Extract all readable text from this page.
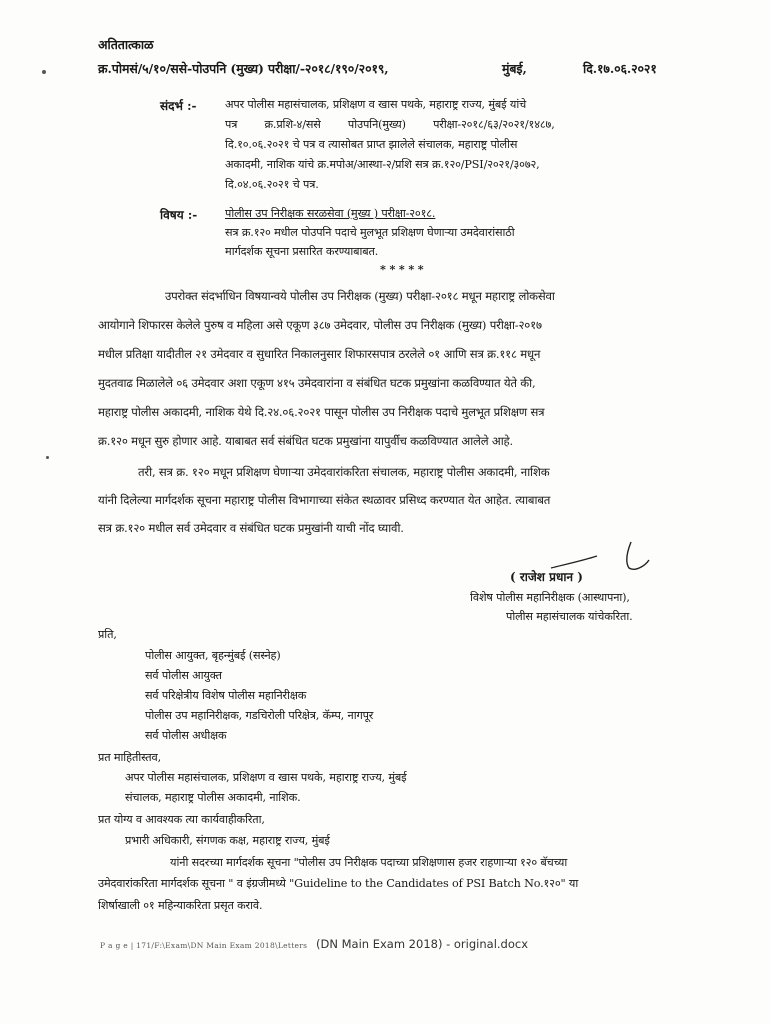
अतितात्काळ
क्र.पोमसं/५/१०/ससे-पोउपनि (मुख्य) परीक्षा/-२०१८/१९०/२०१९,	मुंबई,	दि.१७.०६.२०२१
संदर्भ :-	अपर पोलीस महासंचालक, प्रशिक्षण व खास पथके, महाराष्ट्र राज्य, मुंबई यांचे
पत्र        क्र.प्रशि-४/ससे        पोउपनि(मुख्य)        परीक्षा-२०१८/६३/२०२१/१४८७,
दि.१०.०६.२०२१ चे पत्र व त्यासोबत प्राप्त झालेले संचालक, महाराष्ट्र पोलीस
अकादमी, नाशिक यांचे क्र.मपोअ/आस्था-२/प्रशि सत्र क्र.१२०/PSI/२०२१/३०७२,
दि.०४.०६.२०२१ चे पत्र.
विषय :- पोलीस उप निरीक्षक सरळसेवा (मुख्य ) परीक्षा-२०१८.
सत्र क्र.१२० मधील पोउपनि पदाचे मुलभूत प्रशिक्षण घेणाऱ्या उमदेवारांसाठी
मार्गदर्शक सूचना प्रसारित करण्याबाबत.
* * * * *
उपरोक्त संदर्भाधिन विषयान्वये पोलीस उप निरीक्षक (मुख्य) परीक्षा-२०१८ मधून महाराष्ट्र लोकसेवा
आयोगाने शिफारस केलेले पुरुष व महिला असे एकूण ३८७ उमेदवार, पोलीस उप निरीक्षक (मुख्य) परीक्षा-२०१७
मधील प्रतिक्षा यादीतील २१ उमेदवार व सुधारित निकालनुसार शिफारसपात्र ठरलेले ०१ आणि सत्र क्र.११८ मधून
मुदतवाढ मिळालेले ०६ उमेदवार अशा एकूण ४१५ उमेदवारांना व संबंधित घटक प्रमुखांना कळविण्यात येते की,
महाराष्ट्र पोलीस अकादमी, नाशिक येथे दि.२४.०६.२०२१ पासून पोलीस उप निरीक्षक पदाचे मुलभूत प्रशिक्षण सत्र
क्र.१२० मधून सुरु होणार आहे. याबाबत सर्व संबंधित घटक प्रमुखांना यापुर्वीच कळविण्यात आलेले आहे.
तरी, सत्र क्र. १२० मधून प्रशिक्षण घेणाऱ्या उमेदवारांकरिता संचालक, महाराष्ट्र पोलीस अकादमी, नाशिक
यांनी दिलेल्या मार्गदर्शक सूचना महाराष्ट्र पोलीस विभागाच्या संकेत स्थळावर प्रसिध्द करण्यात येत आहेत. त्याबाबत
सत्र क्र.१२० मधील सर्व उमेदवार व संबंधित घटक प्रमुखांनी याची नोंद घ्यावी.
( राजेश प्रधान )
विशेष पोलीस महानिरीक्षक (आस्थापना),
पोलीस महासंचालक यांचेकरिता.
प्रति,
पोलीस आयुक्त, बृहन्मुंबई (सस्नेह)
सर्व पोलीस आयुक्त
सर्व परिक्षेत्रीय विशेष पोलीस महानिरीक्षक
पोलीस उप महानिरीक्षक, गडचिरोली परिक्षेत्र, कॅम्प, नागपूर
सर्व पोलीस अधीक्षक
प्रत माहितीस्तव,
अपर पोलीस महासंचालक, प्रशिक्षण व खास पथके, महाराष्ट्र राज्य, मुंबई
संचालक, महाराष्ट्र पोलीस अकादमी, नाशिक.
प्रत योग्य व आवश्यक त्या कार्यवाहीकरिता,
प्रभारी अधिकारी, संगणक कक्ष, महाराष्ट्र राज्य, मुंबई
यांनी सदरच्या मार्गदर्शक सूचना "पोलीस उप निरीक्षक पदाच्या प्रशिक्षणास हजर राहणाऱ्या १२० बॅचच्या
उमेदवारांकरिता मार्गदर्शक सूचना " व इंग्रजीमध्ये "Guideline to the Candidates of PSI Batch No.१२०" या
शिर्षाखाली ०१ महिन्याकरिता प्रसृत करावे.
P a g e | 171/F:\Exam\DN Main Exam 2018\Letters (DN Main Exam 2018) - original.docx
